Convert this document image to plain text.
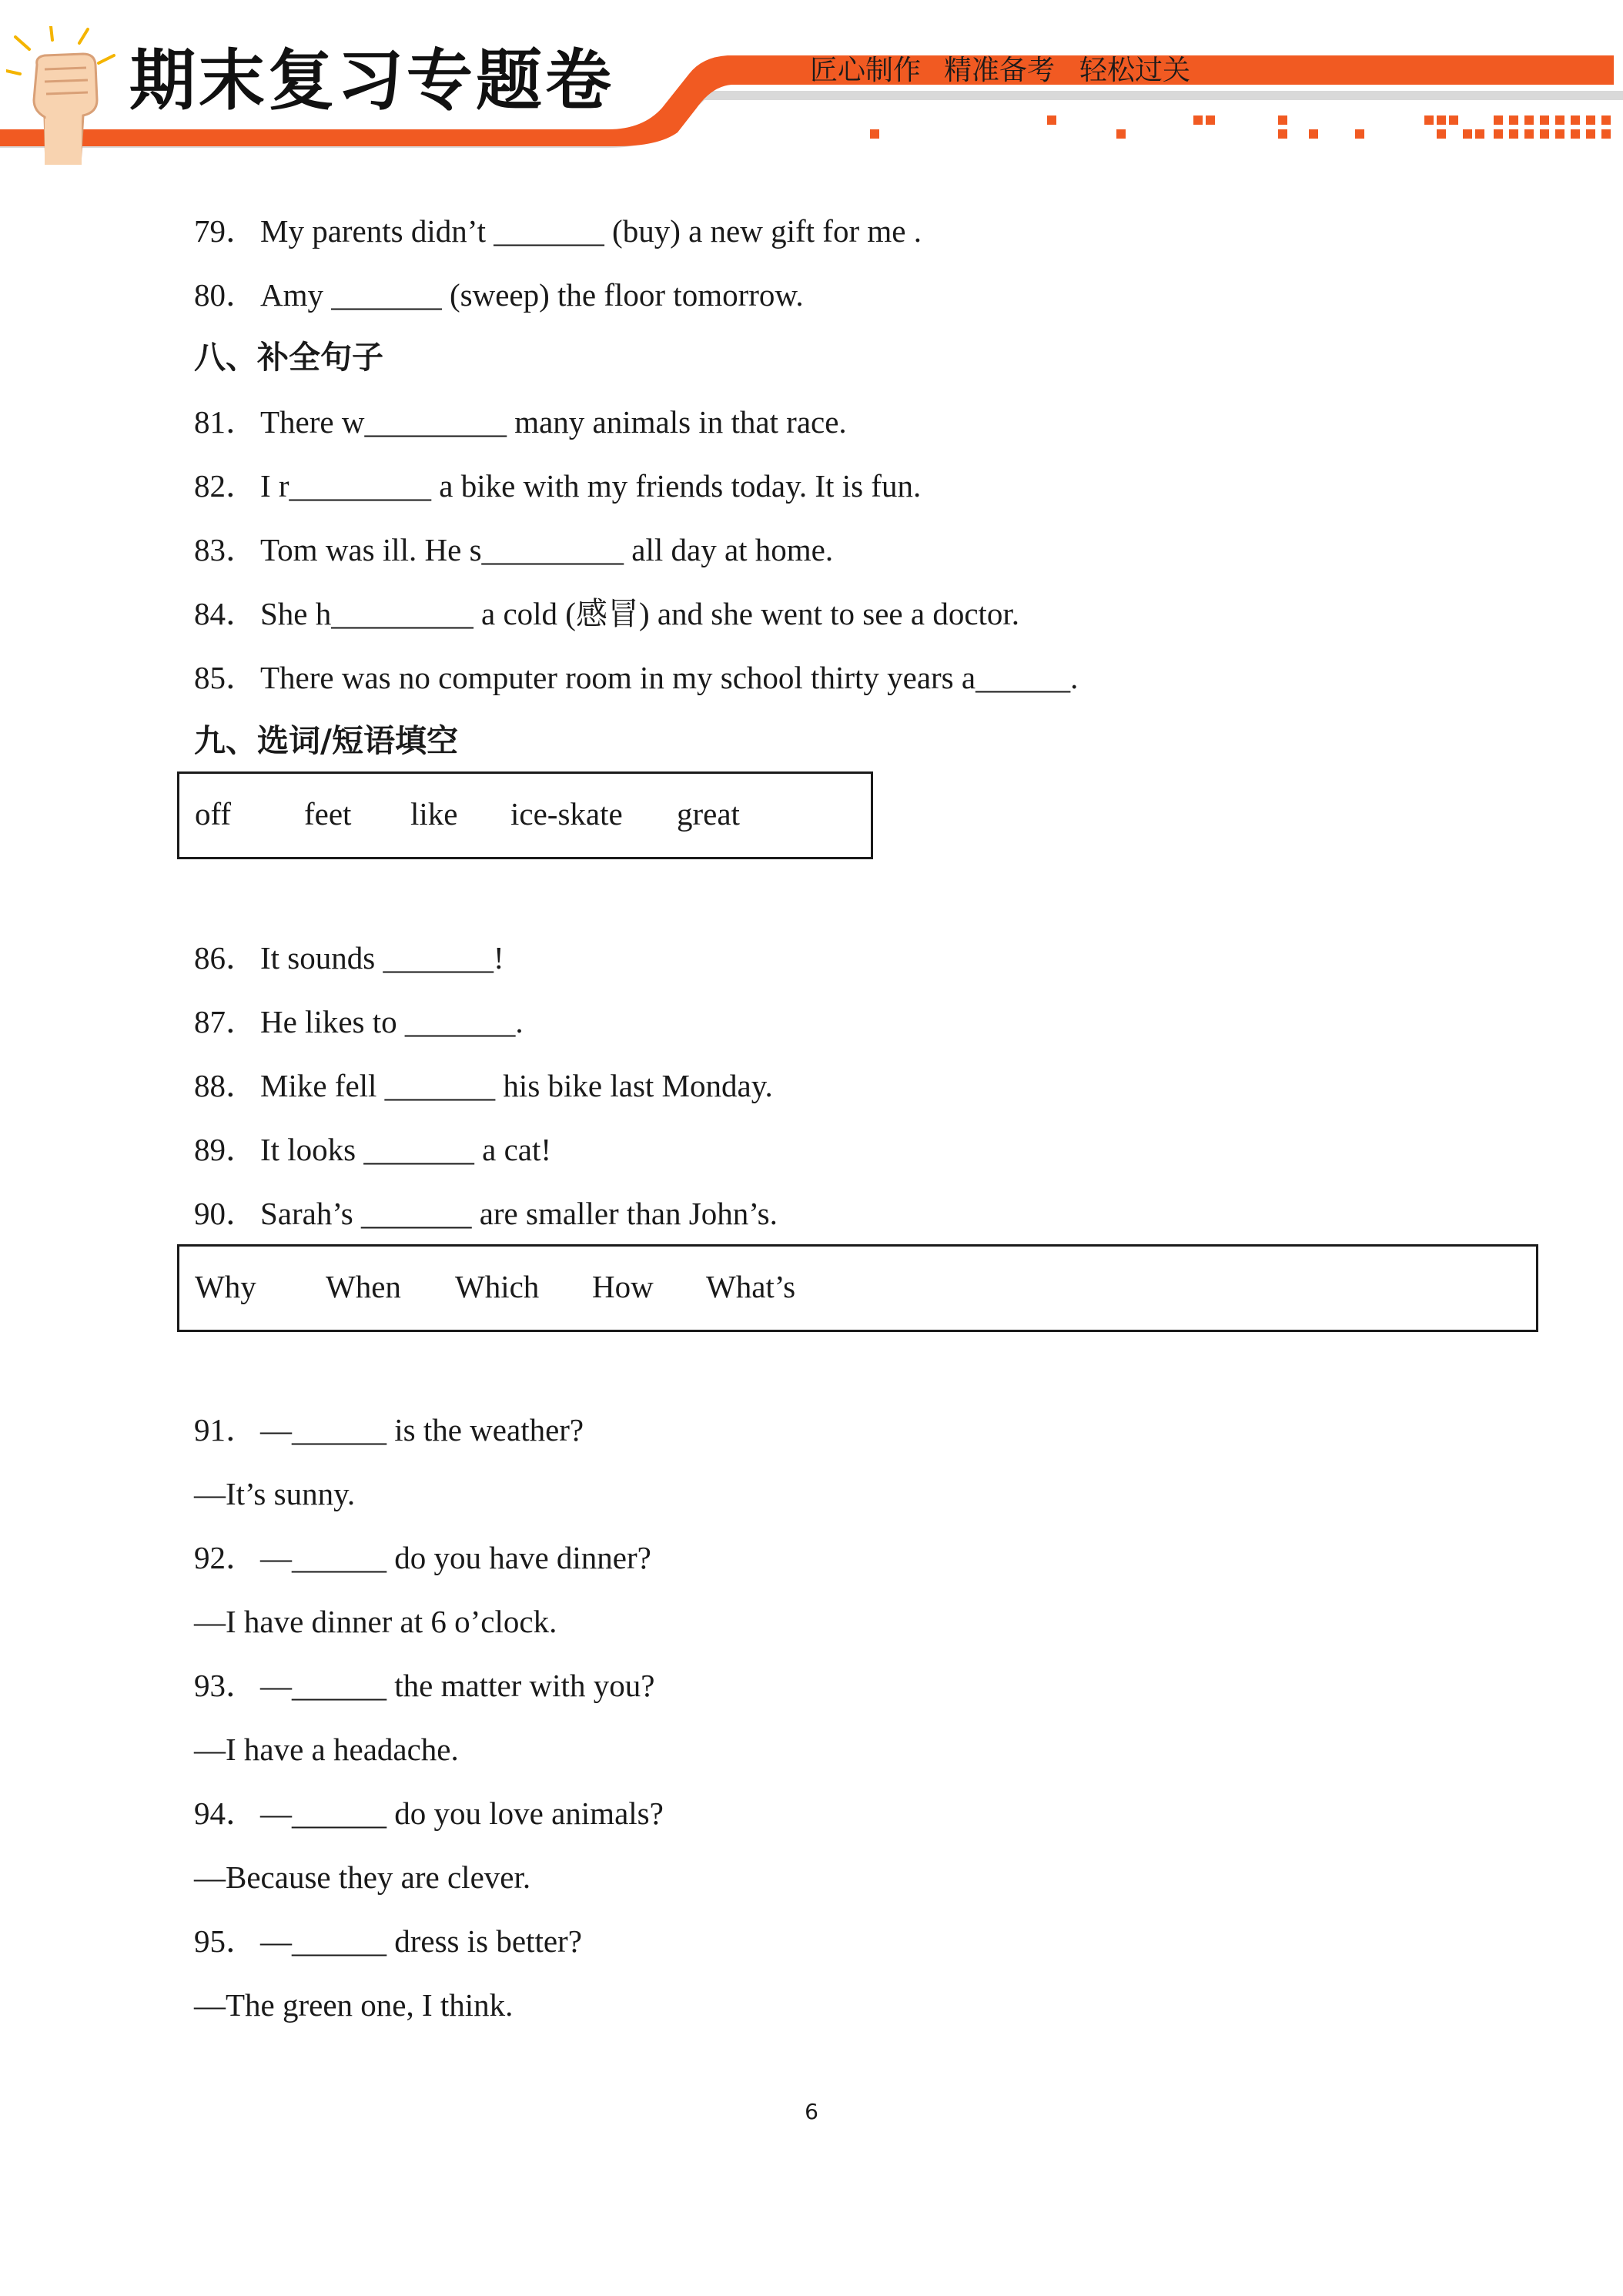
期末复习专题卷	匠心制作 精准备考 轻松过关
79．My parents didn’t _______ (buy) a new gift for me .
80．Amy _______ (sweep) the floor tomorrow.
八、补全句子
81．There w_________ many animals in that race.
82．I r_________ a bike with my friends today. It is fun.
83．Tom was ill. He s_________ all day at home.
84．She h_________ a cold (感冒) and she went to see a doctor.
85．There was no computer room in my school thirty years a______.
九、选词/短语填空
off feet like ice-skate great
86．It sounds _______!
87．He likes to _______.
88．Mike fell _______ his bike last Monday.
89．It looks _______ a cat!
90．Sarah’s _______ are smaller than John’s.
Why When Which How What’s
91．—______ is the weather?
—It’s sunny.
92．—______ do you have dinner?
—I have dinner at 6 o’clock.
93．—______ the matter with you?
—I have a headache.
94．—______ do you love animals?
—Because they are clever.
95．—______ dress is better?
—The green one, I think.
6
